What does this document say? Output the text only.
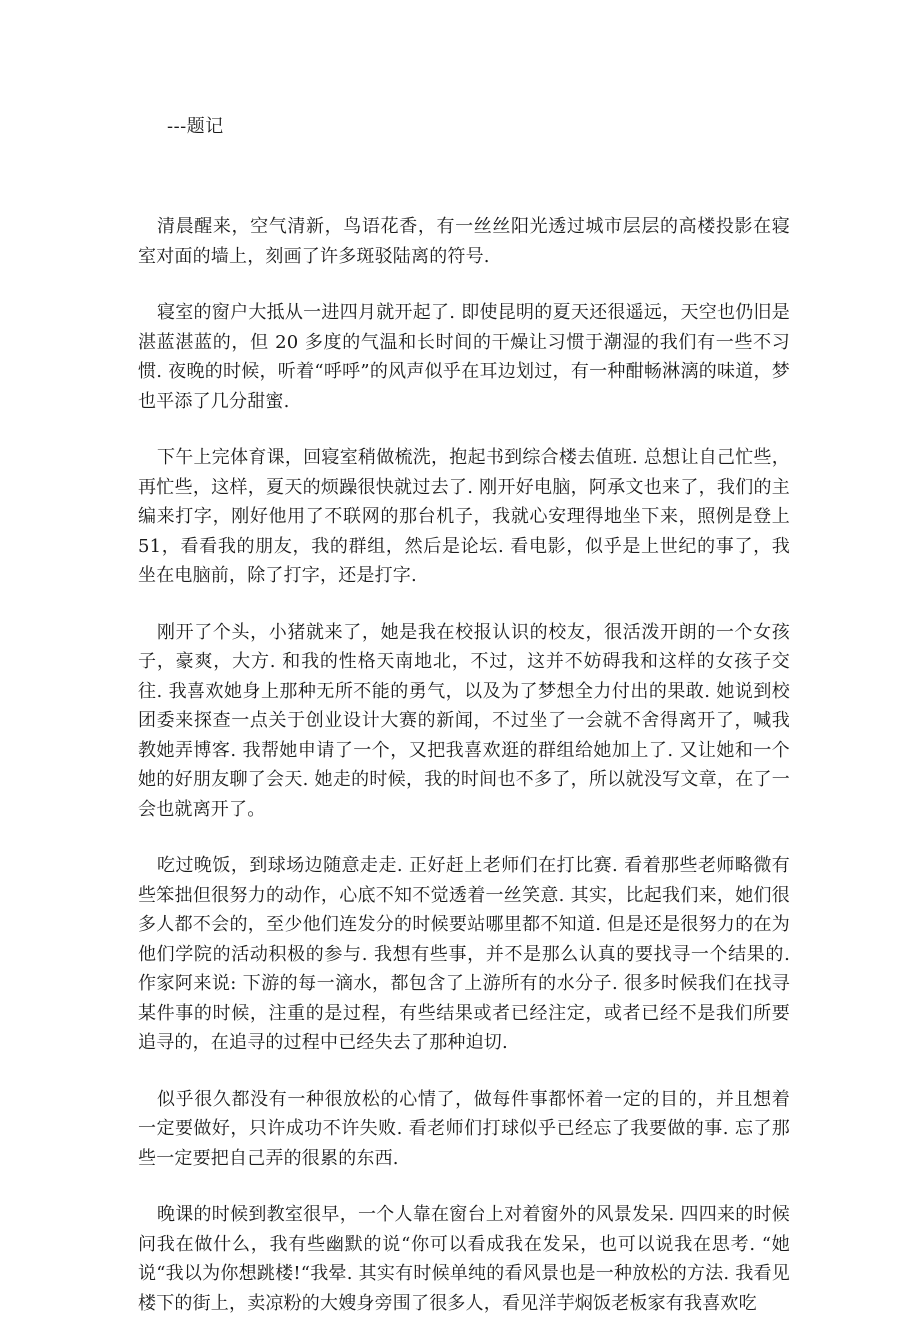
---题记

清晨醒来，空气清新，鸟语花香，有一丝丝阳光透过城市层层的高楼投影在寝室对面的墙上，刻画了许多斑驳陆离的符号.

寝室的窗户大抵从一进四月就开起了. 即使昆明的夏天还很遥远，天空也仍旧是湛蓝湛蓝的，但 20 多度的气温和长时间的干燥让习惯于潮湿的我们有一些不习惯. 夜晚的时候，听着“呼呼”的风声似乎在耳边划过，有一种酣畅淋漓的味道，梦也平添了几分甜蜜.

下午上完体育课，回寝室稍做梳洗，抱起书到综合楼去值班. 总想让自己忙些，再忙些，这样，夏天的烦躁很快就过去了. 刚开好电脑，阿承文也来了，我们的主编来打字，刚好他用了不联网的那台机子，我就心安理得地坐下来，照例是登上 51，看看我的朋友，我的群组，然后是论坛. 看电影，似乎是上世纪的事了，我坐在电脑前，除了打字，还是打字.

刚开了个头，小猪就来了，她是我在校报认识的校友，很活泼开朗的一个女孩子，豪爽，大方. 和我的性格天南地北，不过，这并不妨碍我和这样的女孩子交往. 我喜欢她身上那种无所不能的勇气，以及为了梦想全力付出的果敢. 她说到校团委来探查一点关于创业设计大赛的新闻，不过坐了一会就不舍得离开了，喊我教她弄博客. 我帮她申请了一个，又把我喜欢逛的群组给她加上了. 又让她和一个她的好朋友聊了会天. 她走的时候，我的时间也不多了，所以就没写文章，在了一会也就离开了。

吃过晚饭，到球场边随意走走. 正好赶上老师们在打比赛. 看着那些老师略微有些笨拙但很努力的动作，心底不知不觉透着一丝笑意. 其实，比起我们来，她们很多人都不会的，至少他们连发分的时候要站哪里都不知道. 但是还是很努力的在为他们学院的活动积极的参与. 我想有些事，并不是那么认真的要找寻一个结果的. 作家阿来说: 下游的每一滴水，都包含了上游所有的水分子. 很多时候我们在找寻某件事的时候，注重的是过程，有些结果或者已经注定，或者已经不是我们所要追寻的，在追寻的过程中已经失去了那种迫切.

似乎很久都没有一种很放松的心情了，做每件事都怀着一定的目的，并且想着一定要做好，只许成功不许失败. 看老师们打球似乎已经忘了我要做的事. 忘了那些一定要把自己弄的很累的东西.

晚课的时候到教室很早，一个人靠在窗台上对着窗外的风景发呆. 四四来的时候问我在做什么，我有些幽默的说“你可以看成我在发呆，也可以说我在思考. “她说“我以为你想跳楼!“我晕. 其实有时候单纯的看风景也是一种放松的方法. 我看见楼下的街上，卖凉粉的大嫂身旁围了很多人，看见洋芋焖饭老板家有我喜欢吃
